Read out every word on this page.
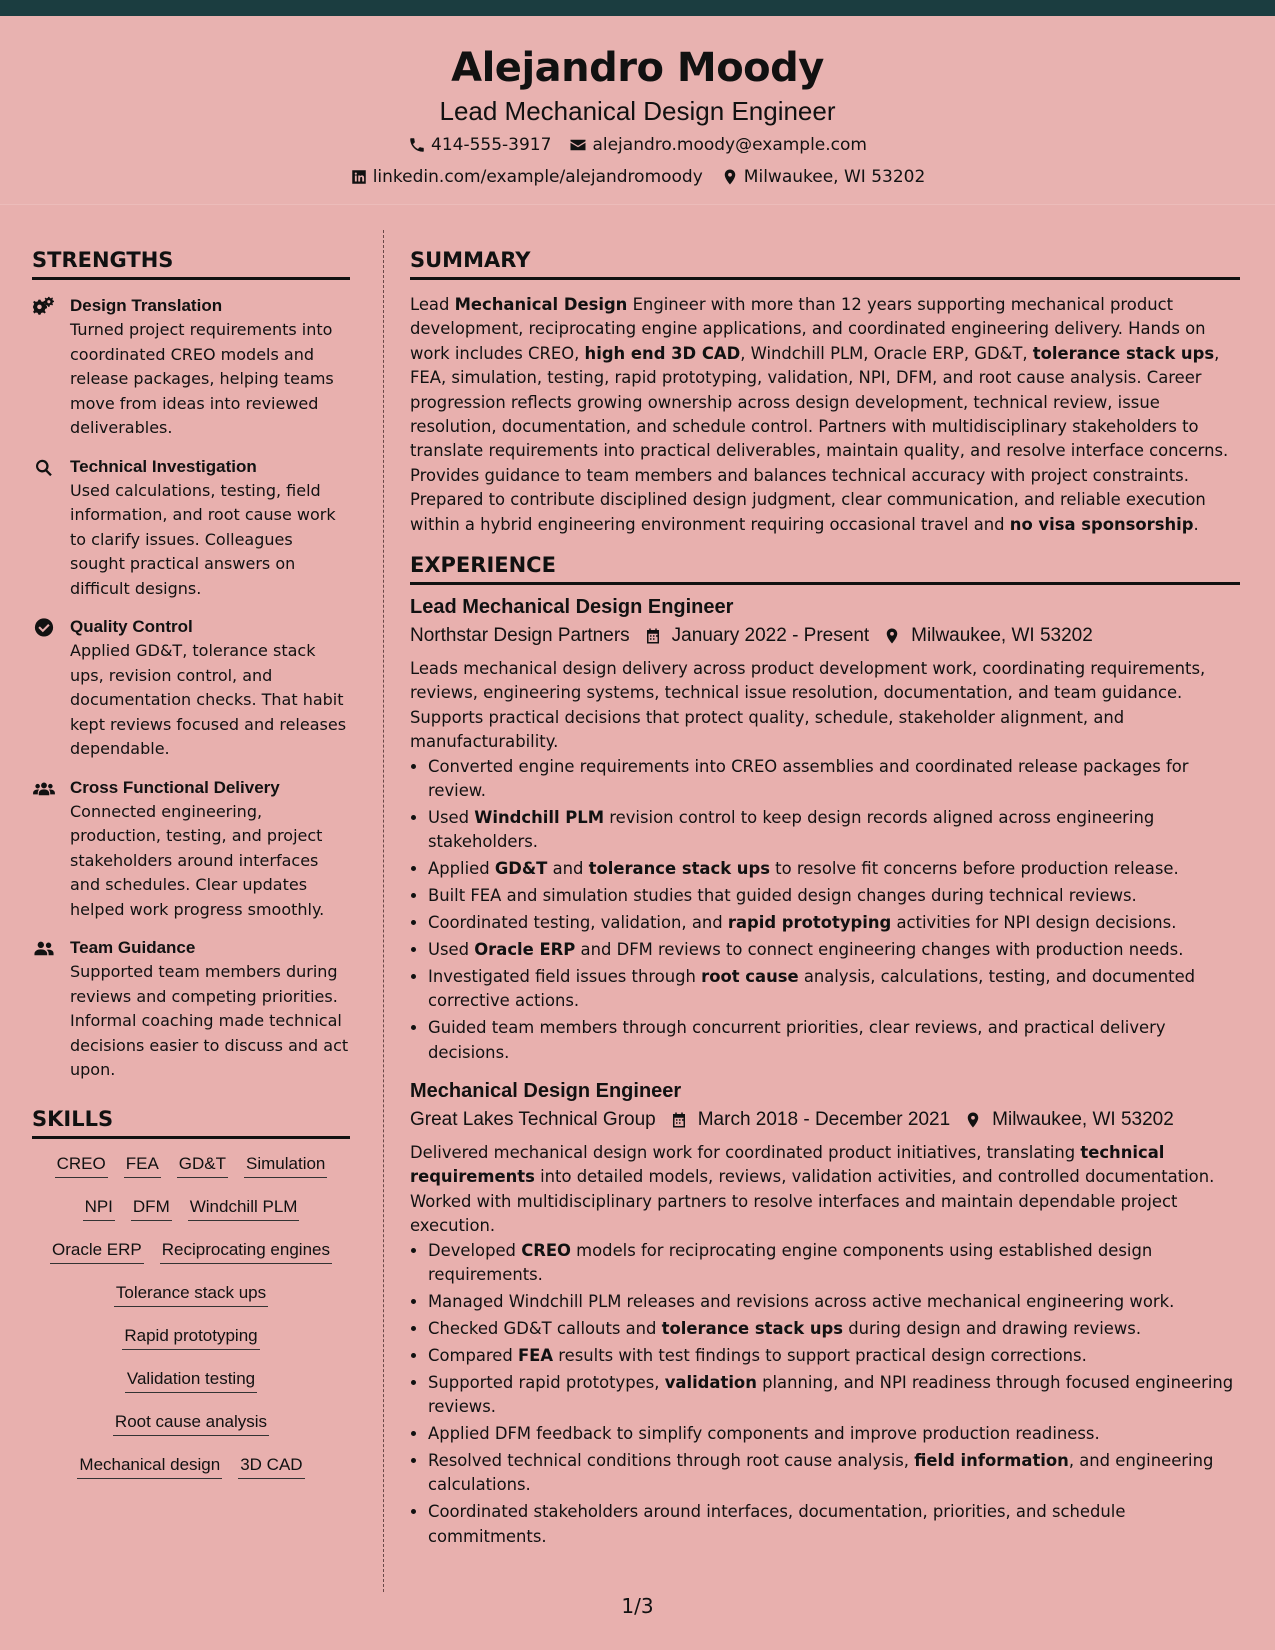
Alejandro Moody
Lead Mechanical Design Engineer
414-555-3917 alejandro.moody@example.com
linkedin.com/example/alejandromoody Milwaukee, WI 53202
STRENGTHS
Design Translation
Turned project requirements into coordinated CREO models and release packages, helping teams move from ideas into reviewed deliverables.
Technical Investigation
Used calculations, testing, field information, and root cause work to clarify issues. Colleagues sought practical answers on difficult designs.
Quality Control
Applied GD&T, tolerance stack ups, revision control, and documentation checks. That habit kept reviews focused and releases dependable.
Cross Functional Delivery
Connected engineering, production, testing, and project stakeholders around interfaces and schedules. Clear updates helped work progress smoothly.
Team Guidance
Supported team members during reviews and competing priorities. Informal coaching made technical decisions easier to discuss and act upon.
SKILLS
CREO FEA GD&T Simulation
NPI DFM Windchill PLM
Oracle ERP Reciprocating engines
Tolerance stack ups
Rapid prototyping
Validation testing
Root cause analysis
Mechanical design 3D CAD
SUMMARY
Lead Mechanical Design Engineer with more than 12 years supporting mechanical product development, reciprocating engine applications, and coordinated engineering delivery. Hands on work includes CREO, high end 3D CAD, Windchill PLM, Oracle ERP, GD&T, tolerance stack ups, FEA, simulation, testing, rapid prototyping, validation, NPI, DFM, and root cause analysis. Career progression reflects growing ownership across design development, technical review, issue resolution, documentation, and schedule control. Partners with multidisciplinary stakeholders to translate requirements into practical deliverables, maintain quality, and resolve interface concerns. Provides guidance to team members and balances technical accuracy with project constraints. Prepared to contribute disciplined design judgment, clear communication, and reliable execution within a hybrid engineering environment requiring occasional travel and no visa sponsorship.
EXPERIENCE
Lead Mechanical Design Engineer
Northstar Design Partners January 2022 - Present Milwaukee, WI 53202
Leads mechanical design delivery across product development work, coordinating requirements, reviews, engineering systems, technical issue resolution, documentation, and team guidance. Supports practical decisions that protect quality, schedule, stakeholder alignment, and manufacturability.
• Converted engine requirements into CREO assemblies and coordinated release packages for review.
• Used Windchill PLM revision control to keep design records aligned across engineering stakeholders.
• Applied GD&T and tolerance stack ups to resolve fit concerns before production release.
• Built FEA and simulation studies that guided design changes during technical reviews.
• Coordinated testing, validation, and rapid prototyping activities for NPI design decisions.
• Used Oracle ERP and DFM reviews to connect engineering changes with production needs.
• Investigated field issues through root cause analysis, calculations, testing, and documented corrective actions.
• Guided team members through concurrent priorities, clear reviews, and practical delivery decisions.
Mechanical Design Engineer
Great Lakes Technical Group March 2018 - December 2021 Milwaukee, WI 53202
Delivered mechanical design work for coordinated product initiatives, translating technical requirements into detailed models, reviews, validation activities, and controlled documentation. Worked with multidisciplinary partners to resolve interfaces and maintain dependable project execution.
• Developed CREO models for reciprocating engine components using established design requirements.
• Managed Windchill PLM releases and revisions across active mechanical engineering work.
• Checked GD&T callouts and tolerance stack ups during design and drawing reviews.
• Compared FEA results with test findings to support practical design corrections.
• Supported rapid prototypes, validation planning, and NPI readiness through focused engineering reviews.
• Applied DFM feedback to simplify components and improve production readiness.
• Resolved technical conditions through root cause analysis, field information, and engineering calculations.
• Coordinated stakeholders around interfaces, documentation, priorities, and schedule commitments.
1/3
